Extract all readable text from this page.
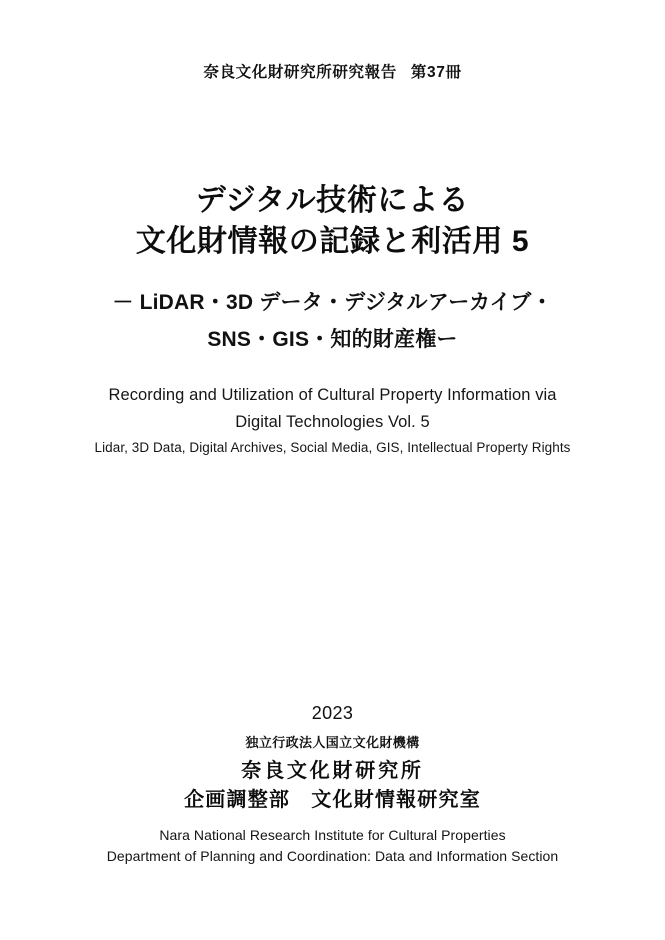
奈良文化財研究所研究報告 第37冊
デジタル技術による
文化財情報の記録と利活用 5
－ LiDAR・3D データ・デジタルアーカイブ・
SNS・GIS・知的財産権ー
Recording and Utilization of Cultural Property Information via
Digital Technologies Vol. 5
Lidar, 3D Data, Digital Archives, Social Media, GIS, Intellectual Property Rights
2023
独立行政法人国立文化財機構
奈良文化財研究所
企画調整部　文化財情報研究室
Nara National Research Institute for Cultural Properties
Department of Planning and Coordination: Data and Information Section
